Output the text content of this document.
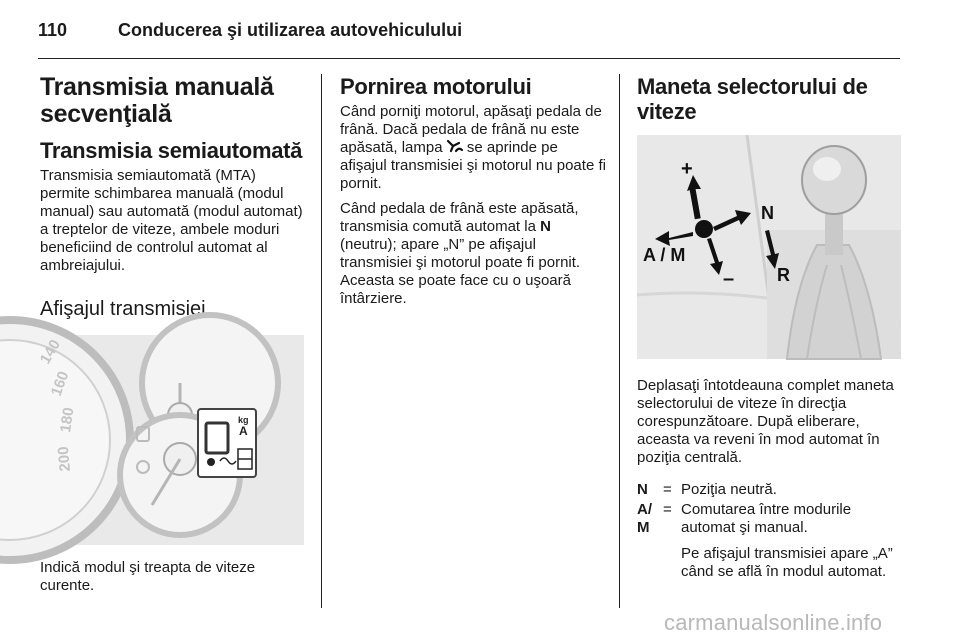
110	Conducerea şi utilizarea autovehiculului
Transmisia manuală secvenţială
Transmisia semiautomată

Transmisia semiautomată (MTA) permite schimbarea manuală (modul manual) sau automată (modul automat) a treptelor de viteze, ambele moduri beneficiind de controlul automat al ambreiajului.

Afişajul transmisiei
140
160
180
200
kg
A

Indică modul şi treapta de viteze curente.

Pornirea motorului

Când porniţi motorul, apăsaţi pedala de frână. Dacă pedala de frână nu este apăsată, lampa se aprinde pe afişajul transmisiei şi motorul nu poate fi pornit.

Când pedala de frână este apăsată, transmisia comută automat la N (neutru); apare „N” pe afişajul transmisiei şi motorul poate fi pornit. Aceasta se poate face cu o uşoară întârziere.

Maneta selectorului de viteze
+
–
N
R
A / M

Deplasaţi întotdeauna complet maneta selectorului de viteze în direcţia corespunzătoare. După eliberare, aceasta va reveni în mod automat în poziţia centrală.

N	= Poziţia neutră.
A/ M
= Comutarea între modurile automat şi manual.

Pe afişajul transmisiei apare „A” când se află în modul automat.

carmanualsonline.info
